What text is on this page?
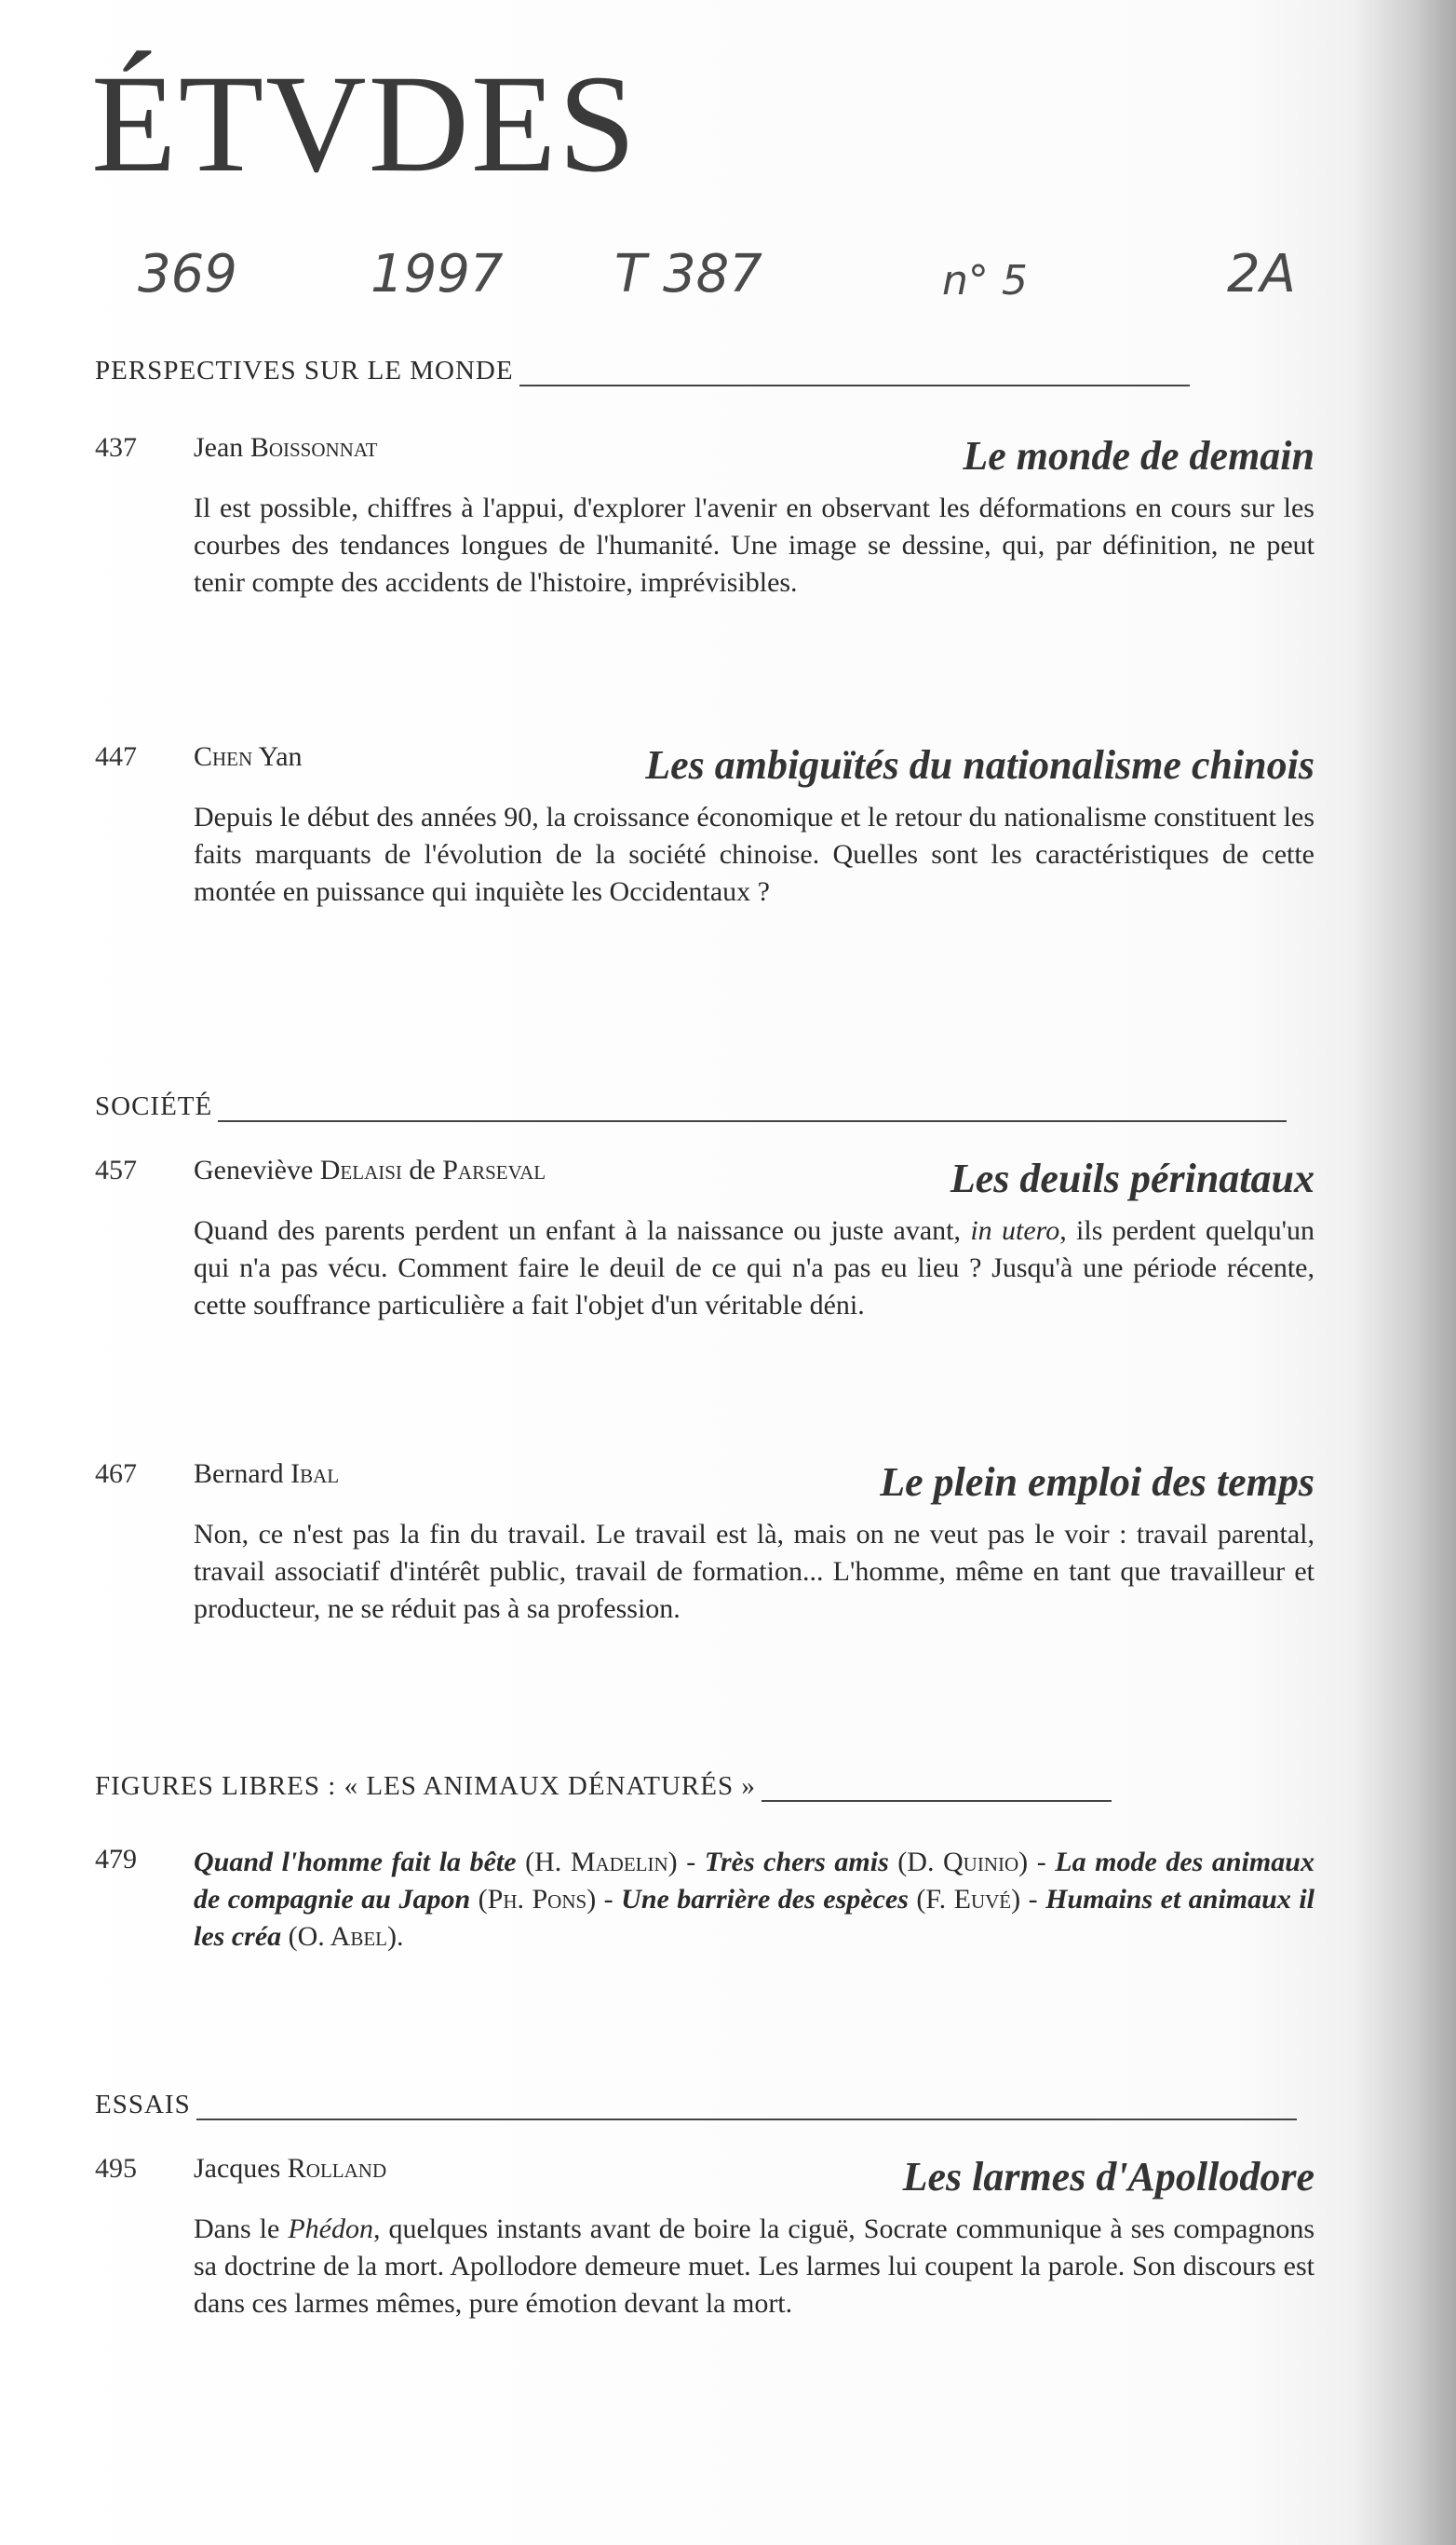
ÉTVDES
369	1997 T 387	n° 5	2A
PERSPECTIVES SUR LE MONDE
437	Jean Boissonnat	Le monde de demain
Il est possible, chiffres à l'appui, d'explorer l'avenir en observant les déformations en cours sur les courbes des tendances longues de l'humanité. Une image se dessine, qui, par définition, ne peut tenir compte des accidents de l'histoire, imprévisibles.
447	Chen Yan	Les ambiguïtés du nationalisme chinois
Depuis le début des années 90, la croissance économique et le retour du nationalisme constituent les faits marquants de l'évolution de la société chinoise. Quelles sont les caractéristiques de cette montée en puissance qui inquiète les Occidentaux ?
SOCIÉTÉ
457	Geneviève Delaisi de Parseval	Les deuils périnataux
Quand des parents perdent un enfant à la naissance ou juste avant, in utero, ils perdent quelqu'un qui n'a pas vécu. Comment faire le deuil de ce qui n'a pas eu lieu ? Jusqu'à une période récente, cette souffrance particulière a fait l'objet d'un véritable déni.
467	Bernard Ibal	Le plein emploi des temps
Non, ce n'est pas la fin du travail. Le travail est là, mais on ne veut pas le voir : travail parental, travail associatif d'intérêt public, travail de formation... L'homme, même en tant que travailleur et producteur, ne se réduit pas à sa profession.
FIGURES LIBRES : « LES ANIMAUX DÉNATURÉS »
479	Quand l'homme fait la bête (H. Madelin) - Très chers amis (D. Quinio) - La mode des animaux de compagnie au Japon (Ph. Pons) - Une barrière des espèces (F. Euvé) - Humains et animaux il les créa (O. Abel).
ESSAIS
495	Jacques Rolland	Les larmes d'Apollodore
Dans le Phédon, quelques instants avant de boire la ciguë, Socrate communique à ses compagnons sa doctrine de la mort. Apollodore demeure muet. Les larmes lui coupent la parole. Son discours est dans ces larmes mêmes, pure émotion devant la mort.
